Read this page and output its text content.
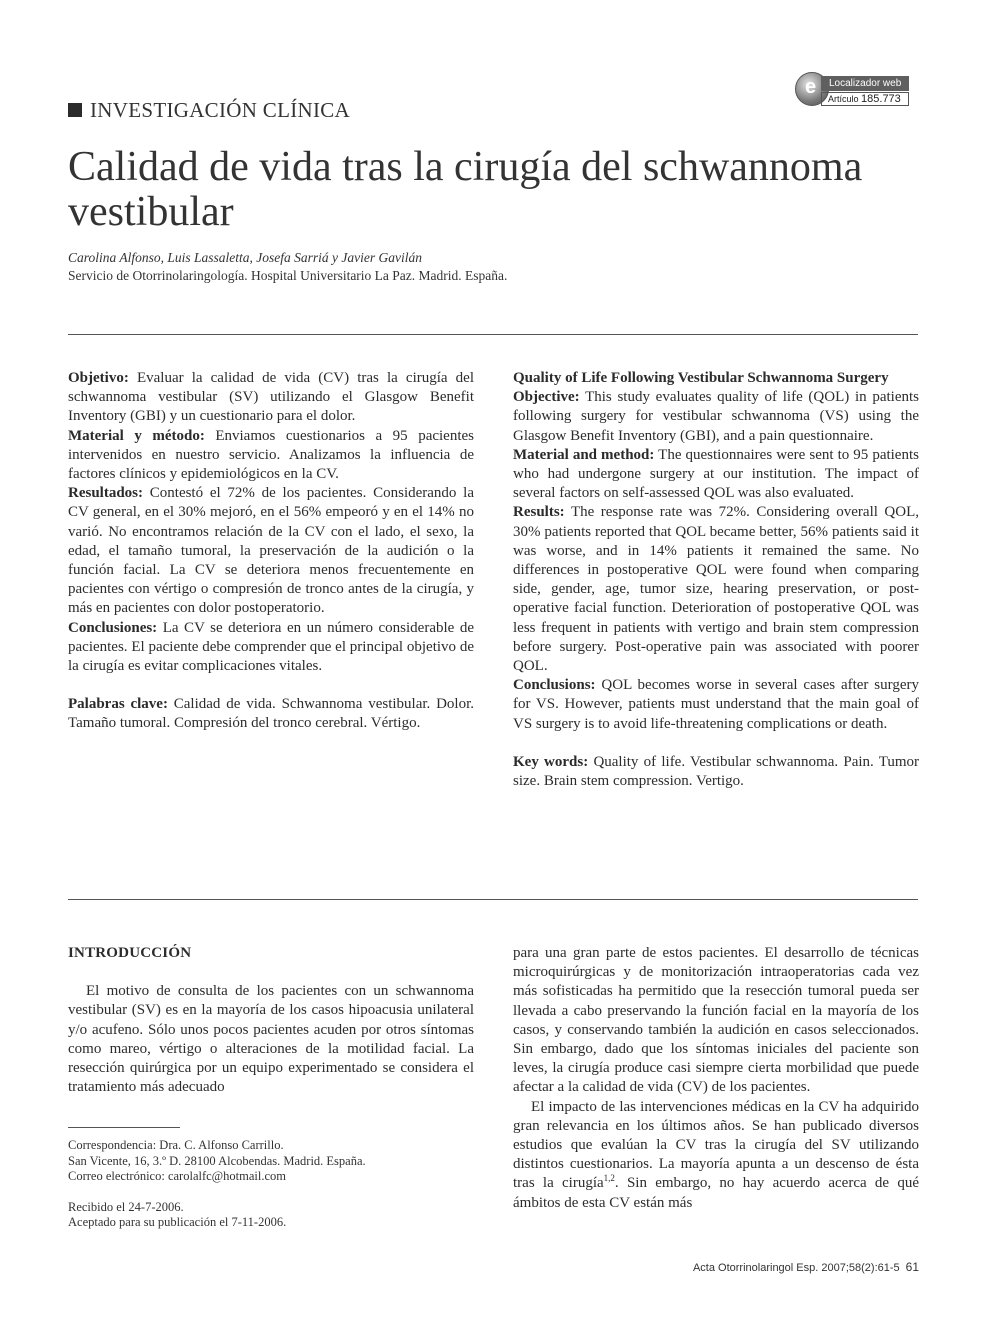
e	Localizador web
Artículo 185.773
INVESTIGACIÓN CLÍNICA
Calidad de vida tras la cirugía del schwannoma vestibular
Carolina Alfonso, Luis Lassaletta, Josefa Sarriá y Javier Gavilán
Servicio de Otorrinolaringología. Hospital Universitario La Paz. Madrid. España.

Objetivo: Evaluar la calidad de vida (CV) tras la cirugía del schwannoma vestibular (SV) utilizando el Glasgow Benefit Inventory (GBI) y un cuestionario para el dolor.

Material y método: Enviamos cuestionarios a 95 pacientes intervenidos en nuestro servicio. Analizamos la influencia de factores clínicos y epidemiológicos en la CV.

Resultados: Contestó el 72% de los pacientes. Considerando la CV general, en el 30% mejoró, en el 56% empeoró y en el 14% no varió. No encontramos relación de la CV con el lado, el sexo, la edad, el tamaño tumoral, la preservación de la audición o la función facial. La CV se deteriora menos frecuentemente en pacientes con vértigo o compresión de tronco antes de la cirugía, y más en pacientes con dolor postoperatorio.

Conclusiones: La CV se deteriora en un número considerable de pacientes. El paciente debe comprender que el principal objetivo de la cirugía es evitar complicaciones vitales.

Palabras clave: Calidad de vida. Schwannoma vestibular. Dolor. Tamaño tumoral. Compresión del tronco cerebral. Vértigo.

Quality of Life Following Vestibular Schwannoma Surgery

Objective: This study evaluates quality of life (QOL) in patients following surgery for vestibular schwannoma (VS) using the Glasgow Benefit Inventory (GBI), and a pain questionnaire.

Material and method: The questionnaires were sent to 95 patients who had undergone surgery at our institution. The impact of several factors on self-assessed QOL was also evaluated.

Results: The response rate was 72%. Considering overall QOL, 30% patients reported that QOL became better, 56% patients said it was worse, and in 14% patients it remained the same. No differences in postoperative QOL were found when comparing side, gender, age, tumor size, hearing preservation, or post-operative facial function. Deterioration of postoperative QOL was less frequent in patients with vertigo and brain stem compression before surgery. Post-operative pain was associated with poorer QOL.

Conclusions: QOL becomes worse in several cases after surgery for VS. However, patients must understand that the main goal of VS surgery is to avoid life-threatening complications or death.

Key words: Quality of life. Vestibular schwannoma. Pain. Tumor size. Brain stem compression. Vertigo.

INTRODUCCIÓN

El motivo de consulta de los pacientes con un schwannoma vestibular (SV) es en la mayoría de los casos hipoacusia unilateral y/o acufeno. Sólo unos pocos pacientes acuden por otros síntomas como mareo, vértigo o alteraciones de la motilidad facial. La resección quirúrgica por un equipo experimentado se considera el tratamiento más adecuado

para una gran parte de estos pacientes. El desarrollo de técnicas microquirúrgicas y de monitorización intraoperatorias cada vez más sofisticadas ha permitido que la resección tumoral pueda ser llevada a cabo preservando la función facial en la mayoría de los casos, y conservando también la audición en casos seleccionados. Sin embargo, dado que los síntomas iniciales del paciente son leves, la cirugía produce casi siempre cierta morbilidad que puede afectar a la calidad de vida (CV) de los pacientes.

El impacto de las intervenciones médicas en la CV ha adquirido gran relevancia en los últimos años. Se han publicado diversos estudios que evalúan la CV tras la cirugía del SV utilizando distintos cuestionarios. La mayoría apunta a un descenso de ésta tras la cirugía$^{1,2}$. Sin embargo, no hay acuerdo acerca de qué ámbitos de esta CV están más

Correspondencia: Dra. C. Alfonso Carrillo.

San Vicente, 16, 3.º D. 28100 Alcobendas. Madrid. España.

Correo electrónico: carolalfc@hotmail.com

Recibido el 24-7-2006.

Aceptado para su publicación el 7-11-2006.

Acta Otorrinolaringol Esp. 2007;58(2):61-5 61
